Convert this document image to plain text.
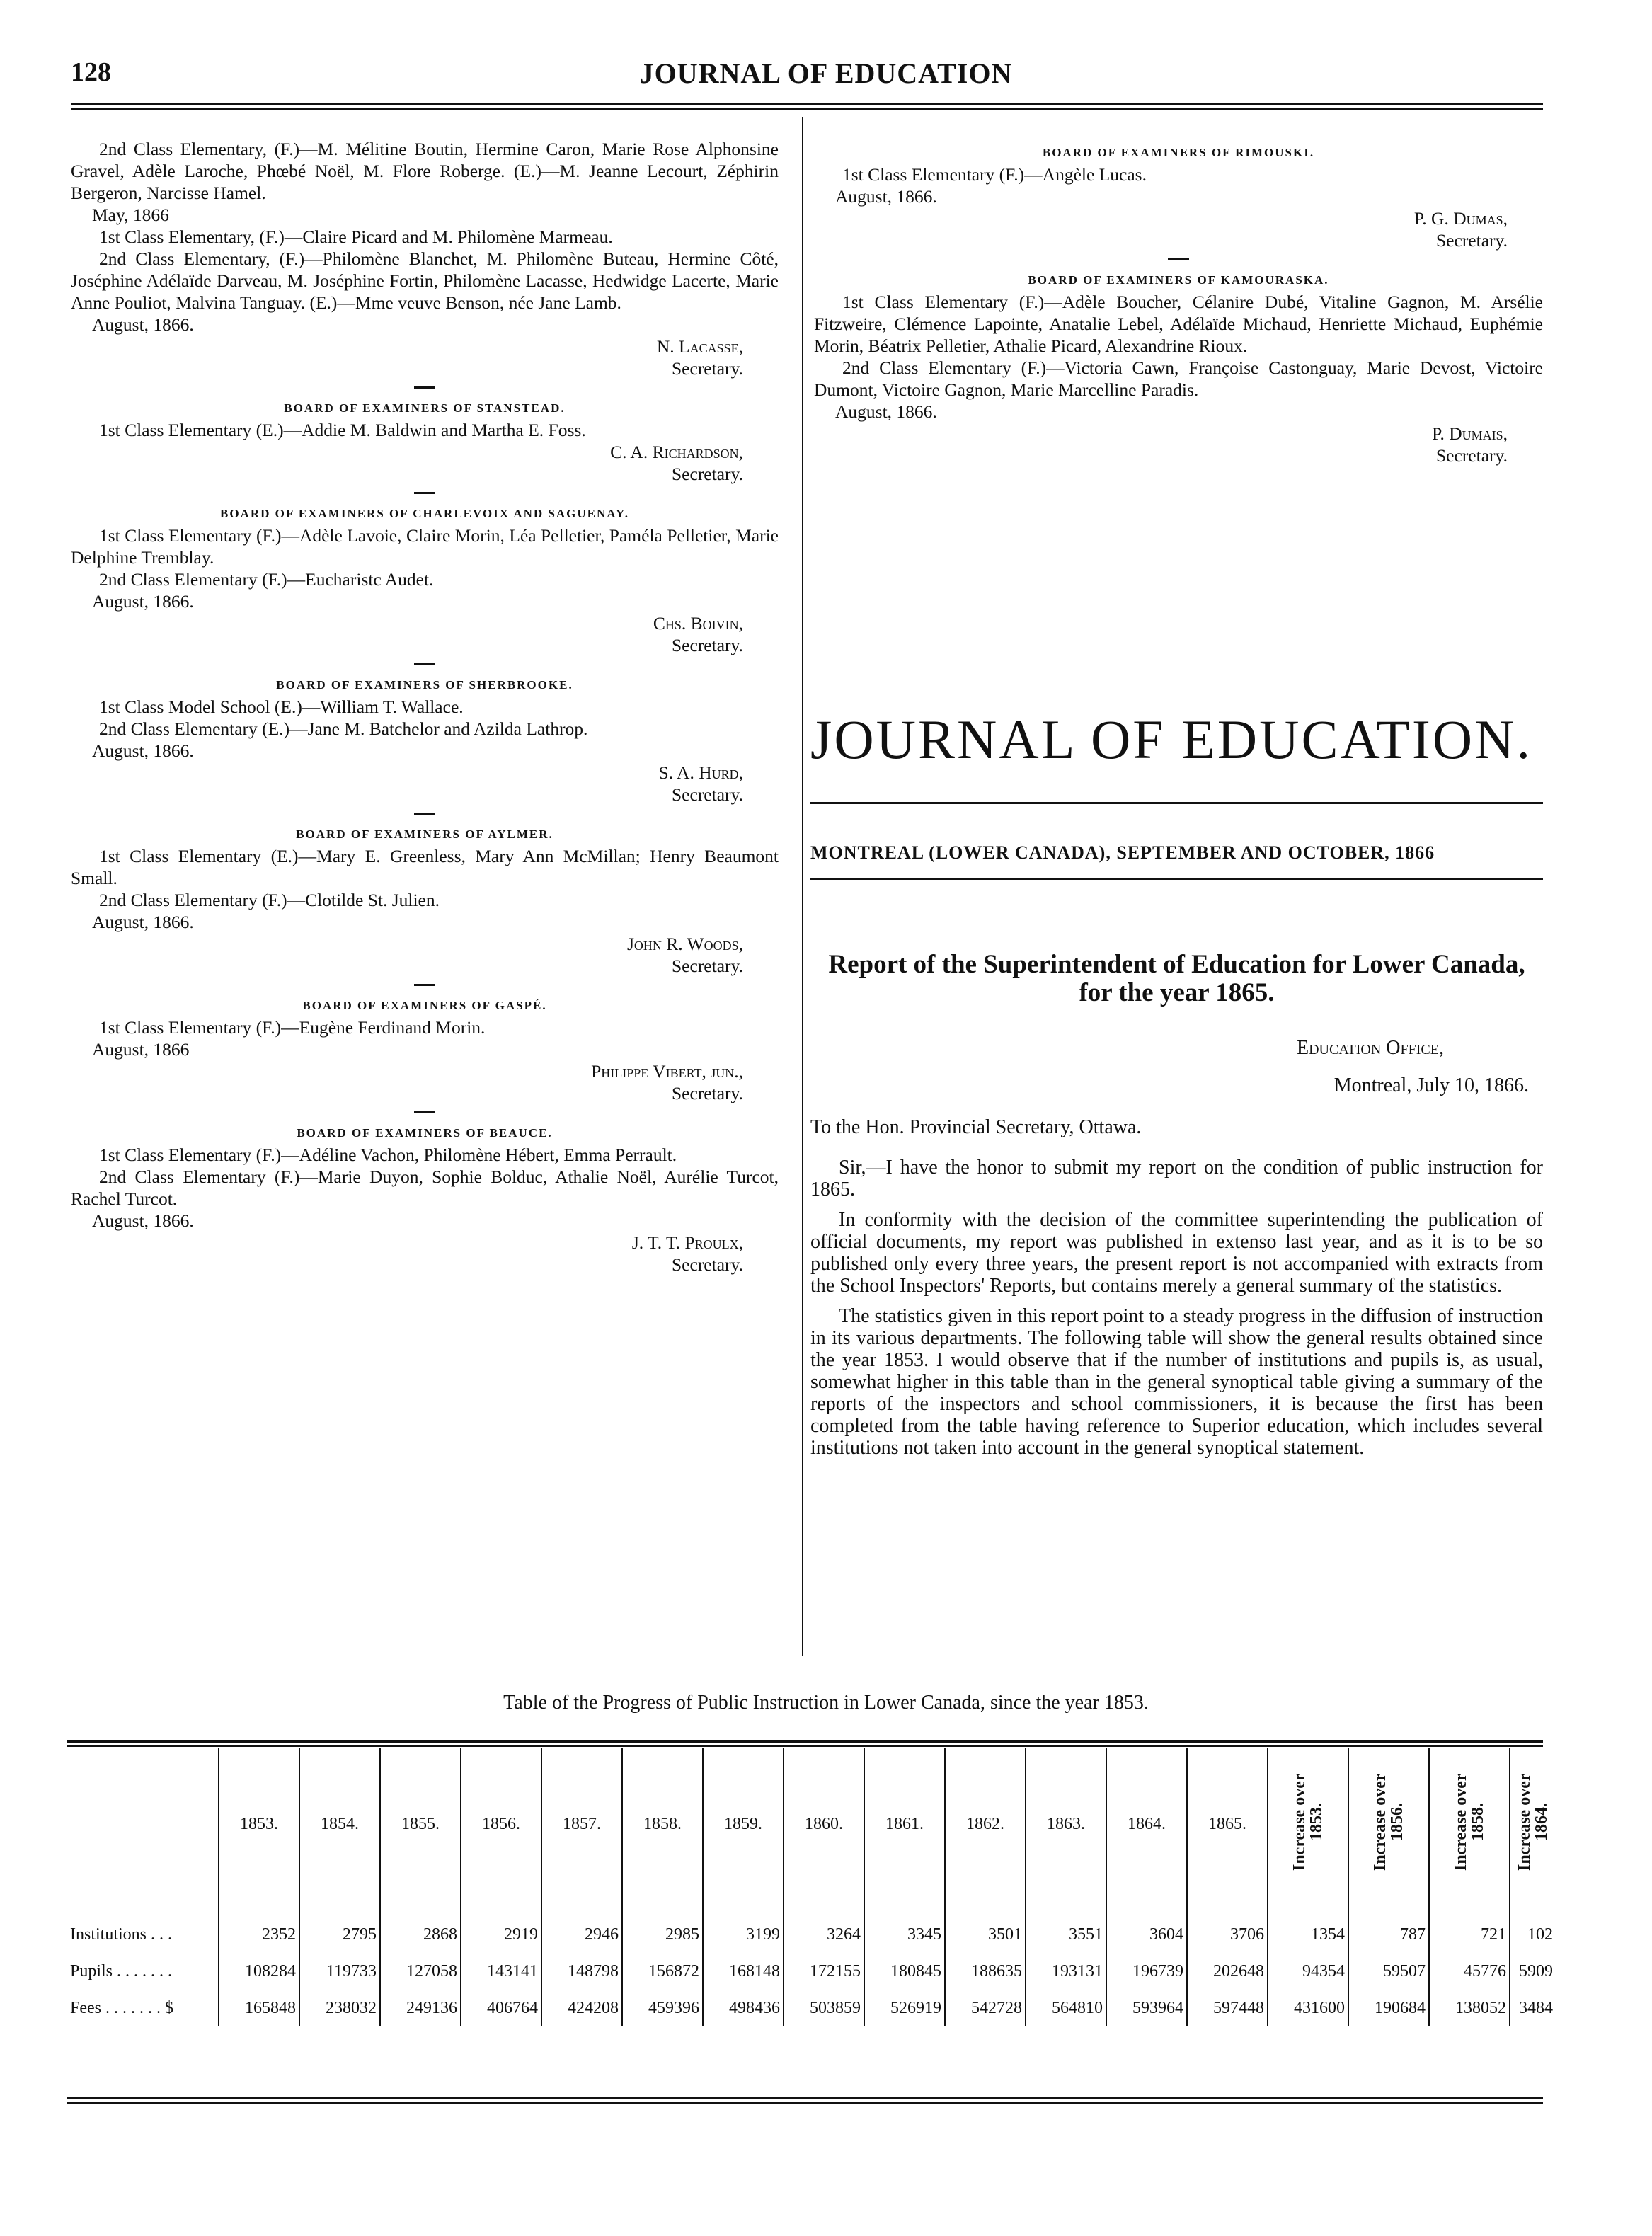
128	JOURNAL OF EDUCATION

2nd Class Elementary, (F.)—M. Mélitine Boutin, Hermine Caron, Marie Rose Alphonsine Gravel, Adèle Laroche, Phœbé Noël, M. Flore Roberge. (E.)—M. Jeanne Lecourt, Zéphirin Bergeron, Narcisse Hamel.

May, 1866

1st Class Elementary, (F.)—Claire Picard and M. Philomène Marmeau.

2nd Class Elementary, (F.)—Philomène Blanchet, M. Philomène Buteau, Hermine Côté, Joséphine Adélaïde Darveau, M. Joséphine Fortin, Philomène Lacasse, Hedwidge Lacerte, Marie Anne Pouliot, Malvina Tanguay. (E.)—Mme veuve Benson, née Jane Lamb.

August, 1866.

N. Lacasse,

Secretary.

BOARD OF EXAMINERS OF STANSTEAD.

1st Class Elementary (E.)—Addie M. Baldwin and Martha E. Foss.

C. A. Richardson,

Secretary.

BOARD OF EXAMINERS OF CHARLEVOIX AND SAGUENAY.

1st Class Elementary (F.)—Adèle Lavoie, Claire Morin, Léa Pelletier, Paméla Pelletier, Marie Delphine Tremblay.

2nd Class Elementary (F.)—Eucharistc Audet.

August, 1866.

Chs. Boivin,

Secretary.

BOARD OF EXAMINERS OF SHERBROOKE.

1st Class Model School (E.)—William T. Wallace.

2nd Class Elementary (E.)—Jane M. Batchelor and Azilda Lathrop.

August, 1866.

S. A. Hurd,

Secretary.

BOARD OF EXAMINERS OF AYLMER.

1st Class Elementary (E.)—Mary E. Greenless, Mary Ann McMillan; Henry Beaumont Small.

2nd Class Elementary (F.)—Clotilde St. Julien.

August, 1866.

John R. Woods,

Secretary.

BOARD OF EXAMINERS OF GASPÉ.

1st Class Elementary (F.)—Eugène Ferdinand Morin.

August, 1866

Philippe Vibert, jun.,

Secretary.

BOARD OF EXAMINERS OF BEAUCE.

1st Class Elementary (F.)—Adéline Vachon, Philomène Hébert, Emma Perrault.

2nd Class Elementary (F.)—Marie Duyon, Sophie Bolduc, Athalie Noël, Aurélie Turcot, Rachel Turcot.

August, 1866.

J. T. T. Proulx,

Secretary.

BOARD OF EXAMINERS OF RIMOUSKI.

1st Class Elementary (F.)—Angèle Lucas.

August, 1866.

P. G. Dumas,

Secretary.

BOARD OF EXAMINERS OF KAMOURASKA.

1st Class Elementary (F.)—Adèle Boucher, Célanire Dubé, Vitaline Gagnon, M. Arsélie Fitzweire, Clémence Lapointe, Anatalie Lebel, Adélaïde Michaud, Henriette Michaud, Euphémie Morin, Béatrix Pelletier, Athalie Picard, Alexandrine Rioux.

2nd Class Elementary (F.)—Victoria Cawn, Françoise Castonguay, Marie Devost, Victoire Dumont, Victoire Gagnon, Marie Marcelline Paradis.

August, 1866.

P. Dumais,

Secretary.

JOURNAL OF EDUCATION.
MONTREAL (LOWER CANADA), SEPTEMBER AND OCTOBER, 1866
Report of the Superintendent of Education for Lower Canada, for the year 1865.

Education Office,

Montreal, July 10, 1866.

To the Hon. Provincial Secretary, Ottawa.

Sir,—I have the honor to submit my report on the condition of public instruction for 1865.

In conformity with the decision of the committee superintending the publication of official documents, my report was published in extenso last year, and as it is to be so published only every three years, the present report is not accompanied with extracts from the School Inspectors' Reports, but contains merely a general summary of the statistics.

The statistics given in this report point to a steady progress in the diffusion of instruction in its various departments. The following table will show the general results obtained since the year 1853. I would observe that if the number of institutions and pupils is, as usual, somewhat higher in this table than in the general synoptical table giving a summary of the reports of the inspectors and school commissioners, it is because the first has been completed from the table having reference to Superior education, which includes several institutions not taken into account in the general synoptical statement.

Table of the Progress of Public Instruction in Lower Canada, since the year 1853.
	1853.	1854.	1855.	1856.	1857.	1858.	1859.	1860.	1861.	1862.	1863.	1864.	1865.	Increase over 1853.	Increase over 1856.	Increase over 1858.	Increase over 1864.
Institutions . . .	2352	2795	2868	2919	2946	2985	3199	3264	3345	3501	3551	3604	3706	1354	787	721	102
Pupils . . . . . . .	108284	119733	127058	143141	148798	156872	168148	172155	180845	188635	193131	196739	202648	94354	59507	45776	5909
Fees . . . . . . . $	165848	238032	249136	406764	424208	459396	498436	503859	526919	542728	564810	593964	597448	431600	190684	138052	3484
